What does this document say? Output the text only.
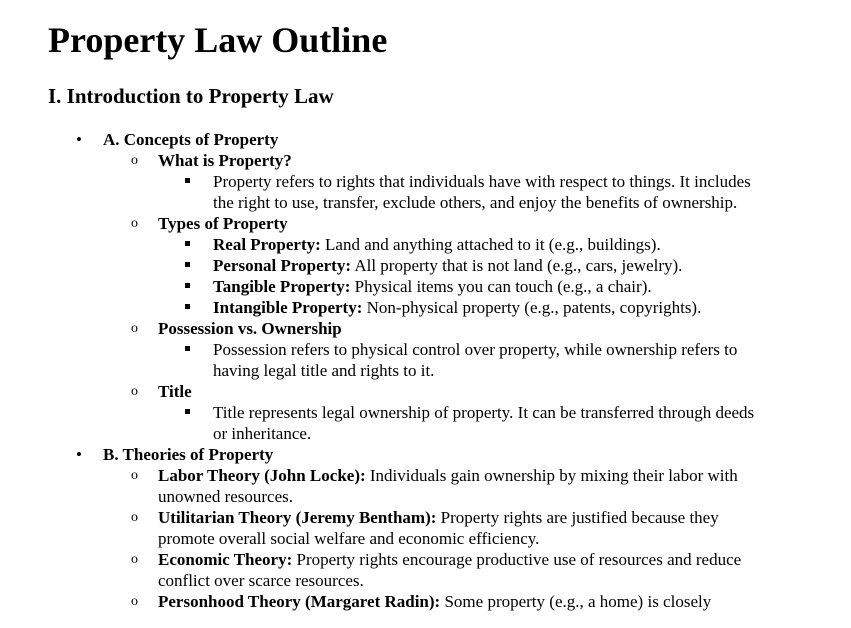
Property Law Outline
I. Introduction to Property Law
•
A. Concepts of Property
o
What is Property?
Property refers to rights that individuals have with respect to things. It includes the right to use, transfer, exclude others, and enjoy the benefits of ownership.
o
Types of Property
Real Property: Land and anything attached to it (e.g., buildings).
Personal Property: All property that is not land (e.g., cars, jewelry).
Tangible Property: Physical items you can touch (e.g., a chair).
Intangible Property: Non-physical property (e.g., patents, copyrights).
o
Possession vs. Ownership
Possession refers to physical control over property, while ownership refers to having legal title and rights to it.
o
Title
Title represents legal ownership of property. It can be transferred through deeds or inheritance.
•
B. Theories of Property
o
Labor Theory (John Locke): Individuals gain ownership by mixing their labor with unowned resources.
o
Utilitarian Theory (Jeremy Bentham): Property rights are justified because they promote overall social welfare and economic efficiency.
o
Economic Theory: Property rights encourage productive use of resources and reduce conflict over scarce resources.
o
Personhood Theory (Margaret Radin): Some property (e.g., a home) is closely
